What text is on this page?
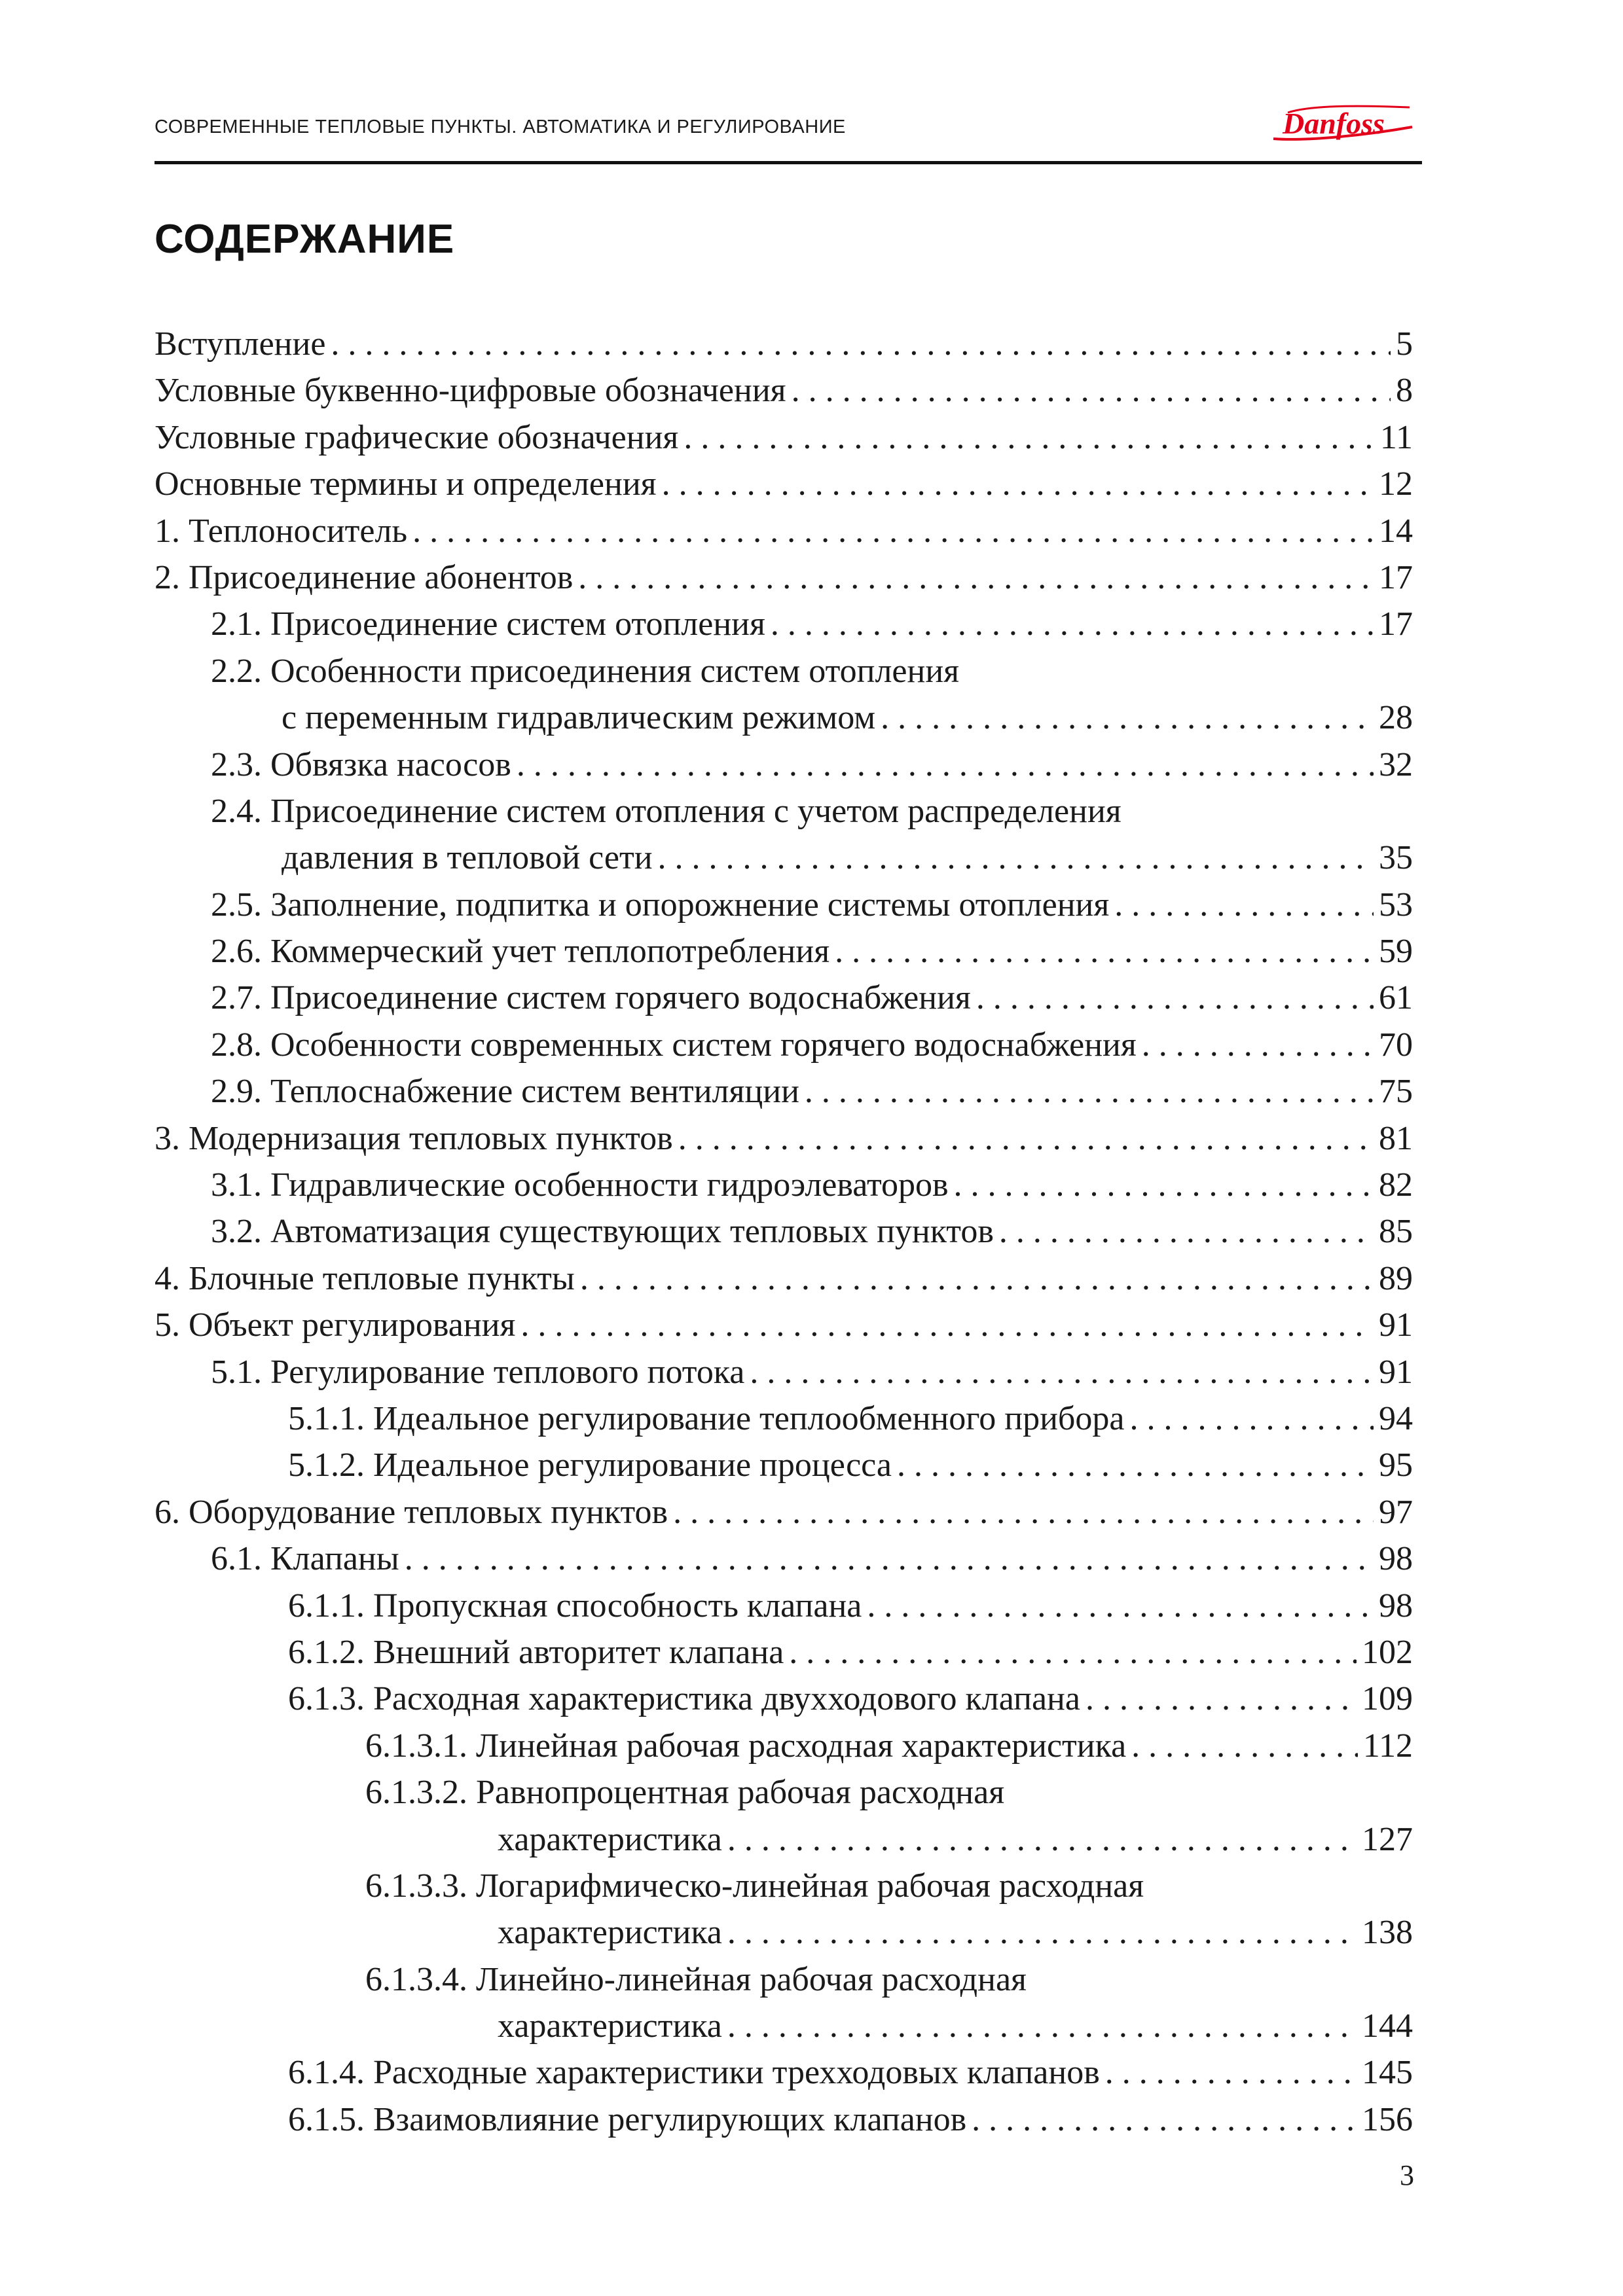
СОВРЕМЕННЫЕ ТЕПЛОВЫЕ ПУНКТЫ. АВТОМАТИКА И РЕГУЛИРОВАНИЕ	Danfoss
СОДЕРЖАНИЕ
Вступление . . .	5
Условные буквенно-цифровые обозначения . . .	8
Условные графические обозначения . . .	11
Основные термины и определения . . .	12
1. Теплоноситель . . .	14
2. Присоединение абонентов . . .	17
2.1. Присоединение систем отопления . . .	17
2.2. Особенности присоединения систем отопления
с переменным гидравлическим режимом . . .	28
2.3. Обвязка насосов . . .	32
2.4. Присоединение систем отопления с учетом распределения
давления в тепловой сети . . .	35
2.5. Заполнение, подпитка и опорожнение системы отопления . . .	53
2.6. Коммерческий учет теплопотребления . . .	59
2.7. Присоединение систем горячего водоснабжения . . .	61
2.8. Особенности современных систем горячего водоснабжения . . .	70
2.9. Теплоснабжение систем вентиляции . . .	75
3. Модернизация тепловых пунктов . . .	81
3.1. Гидравлические особенности гидроэлеваторов . . .	82
3.2. Автоматизация существующих тепловых пунктов . . .	85
4. Блочные тепловые пункты . . .	89
5. Объект регулирования . . .	91
5.1. Регулирование теплового потока . . .	91
5.1.1. Идеальное регулирование теплообменного прибора . . .	94
5.1.2. Идеальное регулирование процесса . . .	95
6. Оборудование тепловых пунктов . . .	97
6.1. Клапаны . . .	98
6.1.1. Пропускная способность клапана . . .	98
6.1.2. Внешний авторитет клапана . . .	102
6.1.3. Расходная характеристика двухходового клапана . . .	109
6.1.3.1. Линейная рабочая расходная характеристика . . .	112
6.1.3.2. Равнопроцентная рабочая расходная
характеристика . . .	127
6.1.3.3. Логарифмическо-линейная рабочая расходная
характеристика . . .	138
6.1.3.4. Линейно-линейная рабочая расходная
характеристика . . .	144
6.1.4. Расходные характеристики трехходовых клапанов . . .	145
6.1.5. Взаимовлияние регулирующих клапанов . . .	156
3
